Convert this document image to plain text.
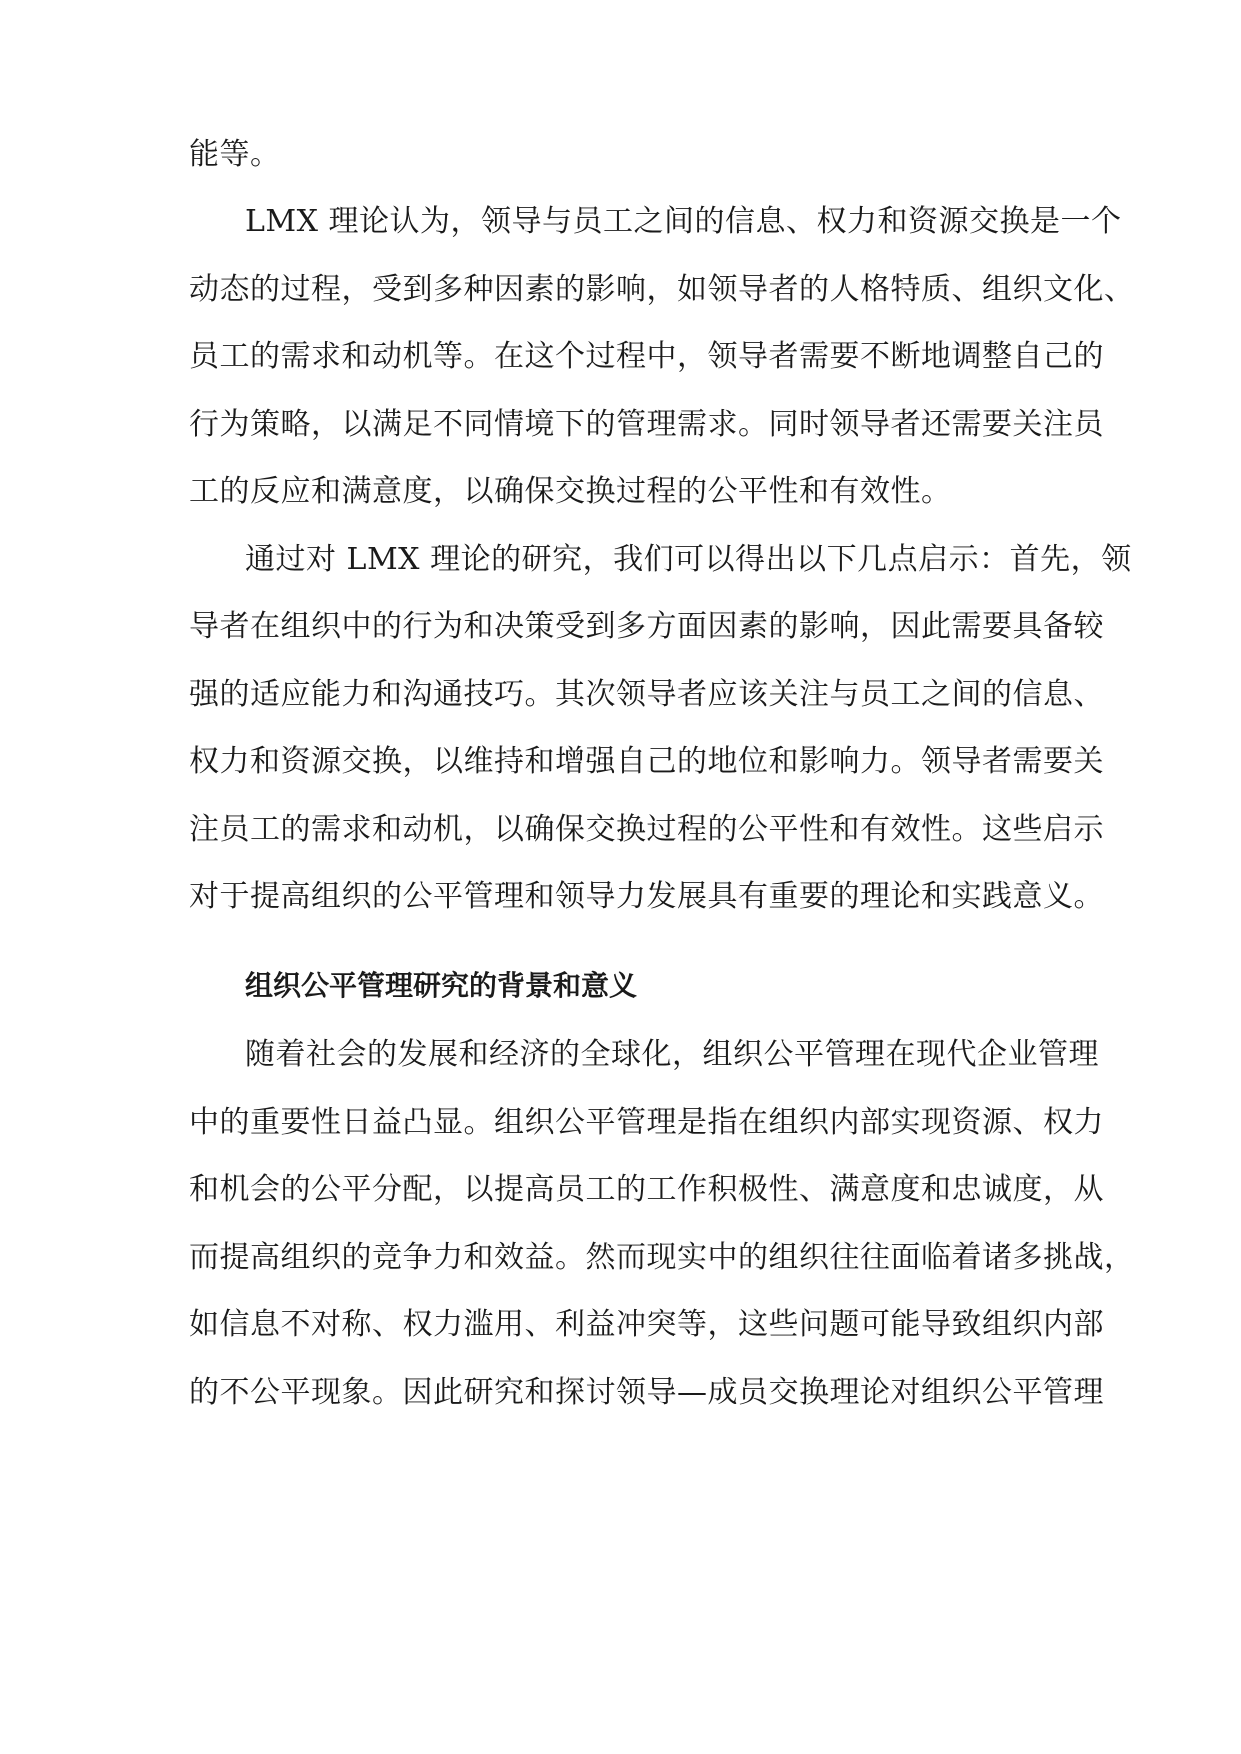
能等。
LMX 理论认为，领导与员工之间的信息、权力和资源交换是一个
动态的过程，受到多种因素的影响，如领导者的人格特质、组织文化、
员工的需求和动机等。在这个过程中，领导者需要不断地调整自己的
行为策略，以满足不同情境下的管理需求。同时领导者还需要关注员
工的反应和满意度，以确保交换过程的公平性和有效性。
通过对 LMX 理论的研究，我们可以得出以下几点启示：首先，领
导者在组织中的行为和决策受到多方面因素的影响，因此需要具备较
强的适应能力和沟通技巧。其次领导者应该关注与员工之间的信息、
权力和资源交换，以维持和增强自己的地位和影响力。领导者需要关
注员工的需求和动机，以确保交换过程的公平性和有效性。这些启示
对于提高组织的公平管理和领导力发展具有重要的理论和实践意义。
组织公平管理研究的背景和意义
随着社会的发展和经济的全球化，组织公平管理在现代企业管理
中的重要性日益凸显。组织公平管理是指在组织内部实现资源、权力
和机会的公平分配，以提高员工的工作积极性、满意度和忠诚度，从
而提高组织的竞争力和效益。然而现实中的组织往往面临着诸多挑战，
如信息不对称、权力滥用、利益冲突等，这些问题可能导致组织内部
的不公平现象。因此研究和探讨领导—成员交换理论对组织公平管理
